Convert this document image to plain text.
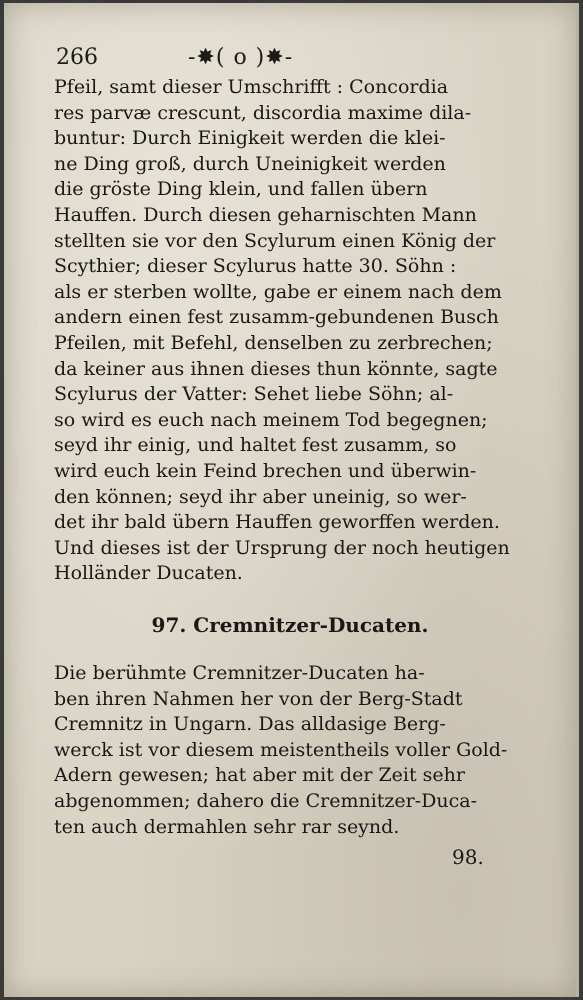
266	-✸( o )✸-
Pfeil, samt dieser Umschrifft : Concordia
res parvæ crescunt, discordia maxime dila-
buntur: Durch Einigkeit werden die klei-
ne Ding groß, durch Uneinigkeit werden
die gröste Ding klein, und fallen übern
Hauffen. Durch diesen geharnischten Mann
stellten sie vor den Scylurum einen König der
Scythier; dieser Scylurus hatte 30. Söhn :
als er sterben wollte, gabe er einem nach dem
andern einen fest zusamm-gebundenen Busch
Pfeilen, mit Befehl, denselben zu zerbrechen;
da keiner aus ihnen dieses thun könnte, sagte
Scylurus der Vatter: Sehet liebe Söhn; al-
so wird es euch nach meinem Tod begegnen;
seyd ihr einig, und haltet fest zusamm, so
wird euch kein Feind brechen und überwin-
den können; seyd ihr aber uneinig, so wer-
det ihr bald übern Hauffen geworffen werden.
Und dieses ist der Ursprung der noch heutigen
Holländer Ducaten.
97. Cremnitzer-Ducaten.
Die berühmte Cremnitzer-Ducaten ha-
ben ihren Nahmen her von der Berg-Stadt
Cremnitz in Ungarn. Das alldasige Berg-
werck ist vor diesem meistentheils voller Gold-
Adern gewesen; hat aber mit der Zeit sehr
abgenommen; dahero die Cremnitzer-Duca-
ten auch dermahlen sehr rar seynd.
98.
